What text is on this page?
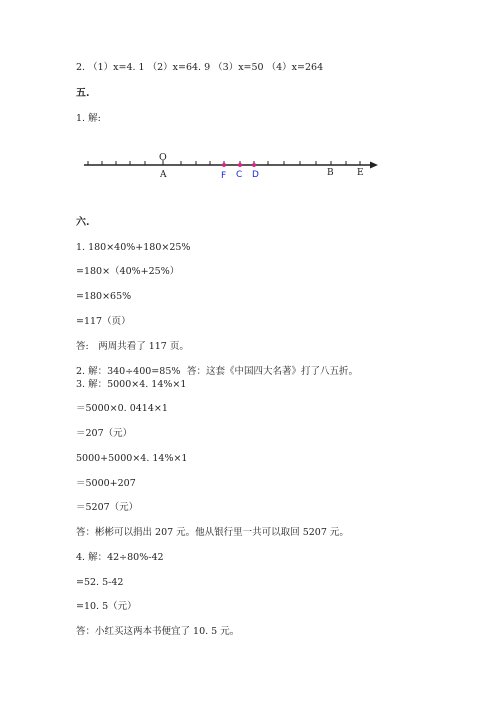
2. （1）x=4. 1 （2）x=64. 9 （3）x=50 （4）x=264
五.
1. 解:
O
A	F C D	B	E
六.
1. 180×40%+180×25%
=180×（40%+25%）
=180×65%
=117（页）
答:　两周共看了 117 页。
2. 解：340÷400=85% 答：这套《中国四大名著》打了八五折。
3. 解：5000×4. 14%×1
＝5000×0. 0414×1
＝207（元）
5000+5000×4. 14%×1
＝5000+207
＝5207（元）
答：彬彬可以捐出 207 元。他从银行里一共可以取回 5207 元。
4. 解：42÷80%-42
=52. 5-42
=10. 5（元）
答：小红买这两本书便宜了 10. 5 元。
